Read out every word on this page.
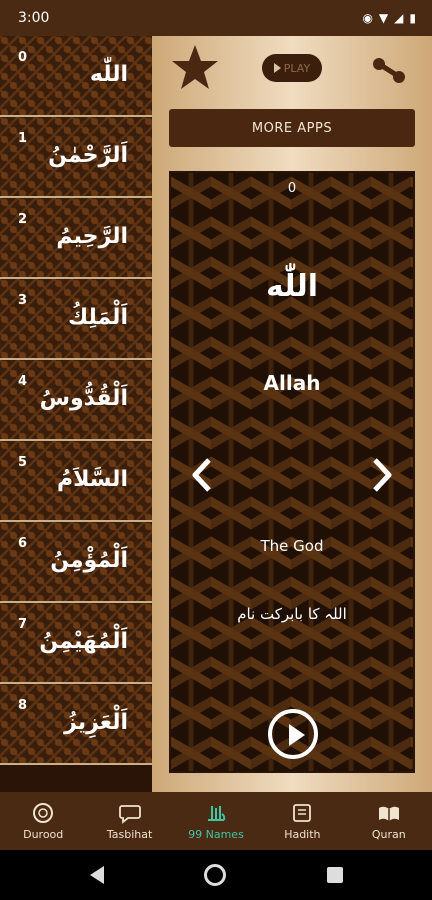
3:00	◉ ▼ ◢ ▮
0
اللّٰه
1
اَلرَّحْمٰنُ
2
الرَّحِيمُ
3
اَلْمَلِكُ
4
اَلْقُدُّوسُ
5
السَّلاَمُ
6
اَلْمُؤْمِنُ
7
اَلْمُهَيْمِنُ
8
اَلْعَزِيزُ
PLAY
MORE APPS
0
اللّٰه
Allah
The God
اللہ کا بابرکت نام
Durood	Tasbihat	99 Names	Hadith	Quran
